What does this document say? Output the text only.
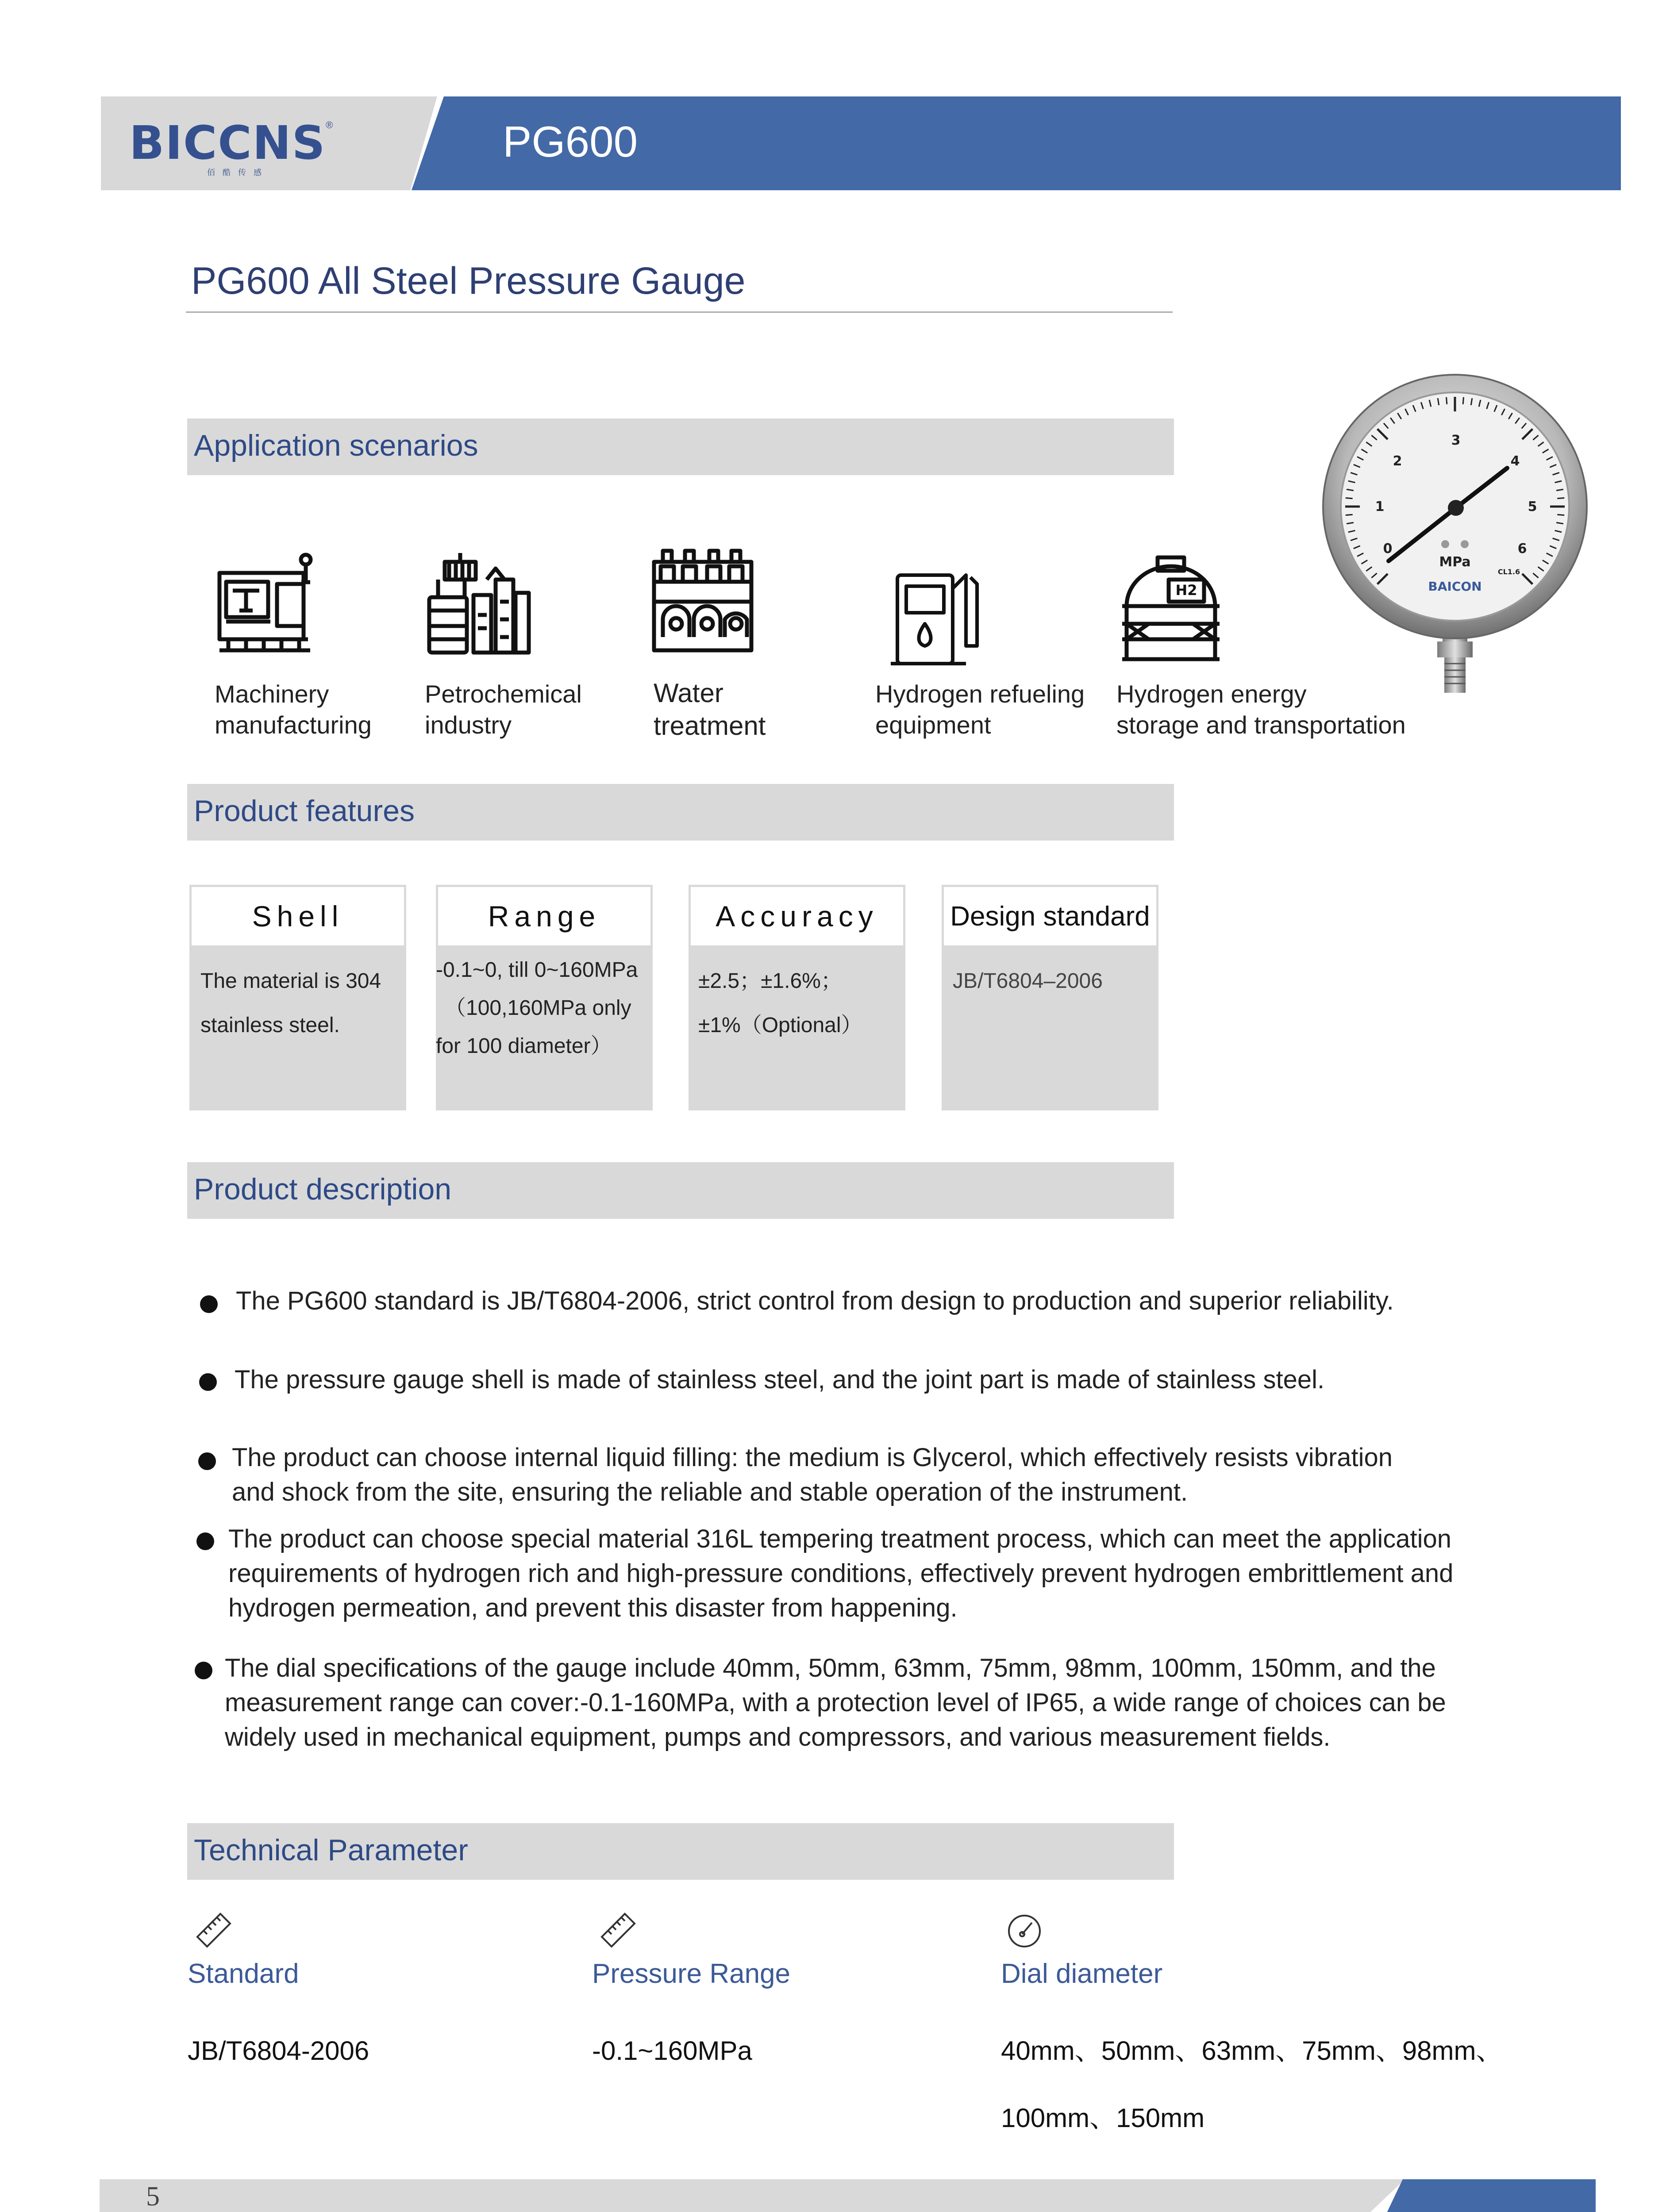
BICCNS ®
佰 酷 传 感
PG600
PG600 All Steel Pressure Gauge
Application scenarios
H2
Machinery
manufacturing
Petrochemical
industry
Water
treatment
Hydrogen refueling
equipment
Hydrogen energy
storage and transportation
0
1
2
3
4
5
6
MPa
BAICON
CL1.6
Product features
Shell
The material is 304
stainless steel.
Range
-0.1~0, till 0~160MPa
（100,160MPa only
for 100 diameter）
Accuracy
±2.5；±1.6%；
±1%（Optional）
Design standard
JB/T6804–2006
Product description
The PG600 standard is JB/T6804-2006, strict control from design to production and superior reliability.
The pressure gauge shell is made of stainless steel, and the joint part is made of stainless steel.
The product can choose internal liquid filling: the medium is Glycerol, which effectively resists vibration
and shock from the site, ensuring the reliable and stable operation of the instrument.
The product can choose special material 316L tempering treatment process, which can meet the application
requirements of hydrogen rich and high-pressure conditions, effectively prevent hydrogen embrittlement and
hydrogen permeation, and prevent this disaster from happening.
The dial specifications of the gauge include 40mm, 50mm, 63mm, 75mm, 98mm, 100mm, 150mm, and the
measurement range can cover:-0.1-160MPa, with a protection level of IP65, a wide range of choices can be
widely used in mechanical equipment, pumps and compressors, and various measurement fields.
Technical Parameter
Standard	Pressure Range	Dial diameter
JB/T6804-2006	-0.1~160MPa	40mm、50mm、63mm、75mm、98mm、
100mm、150mm
5
